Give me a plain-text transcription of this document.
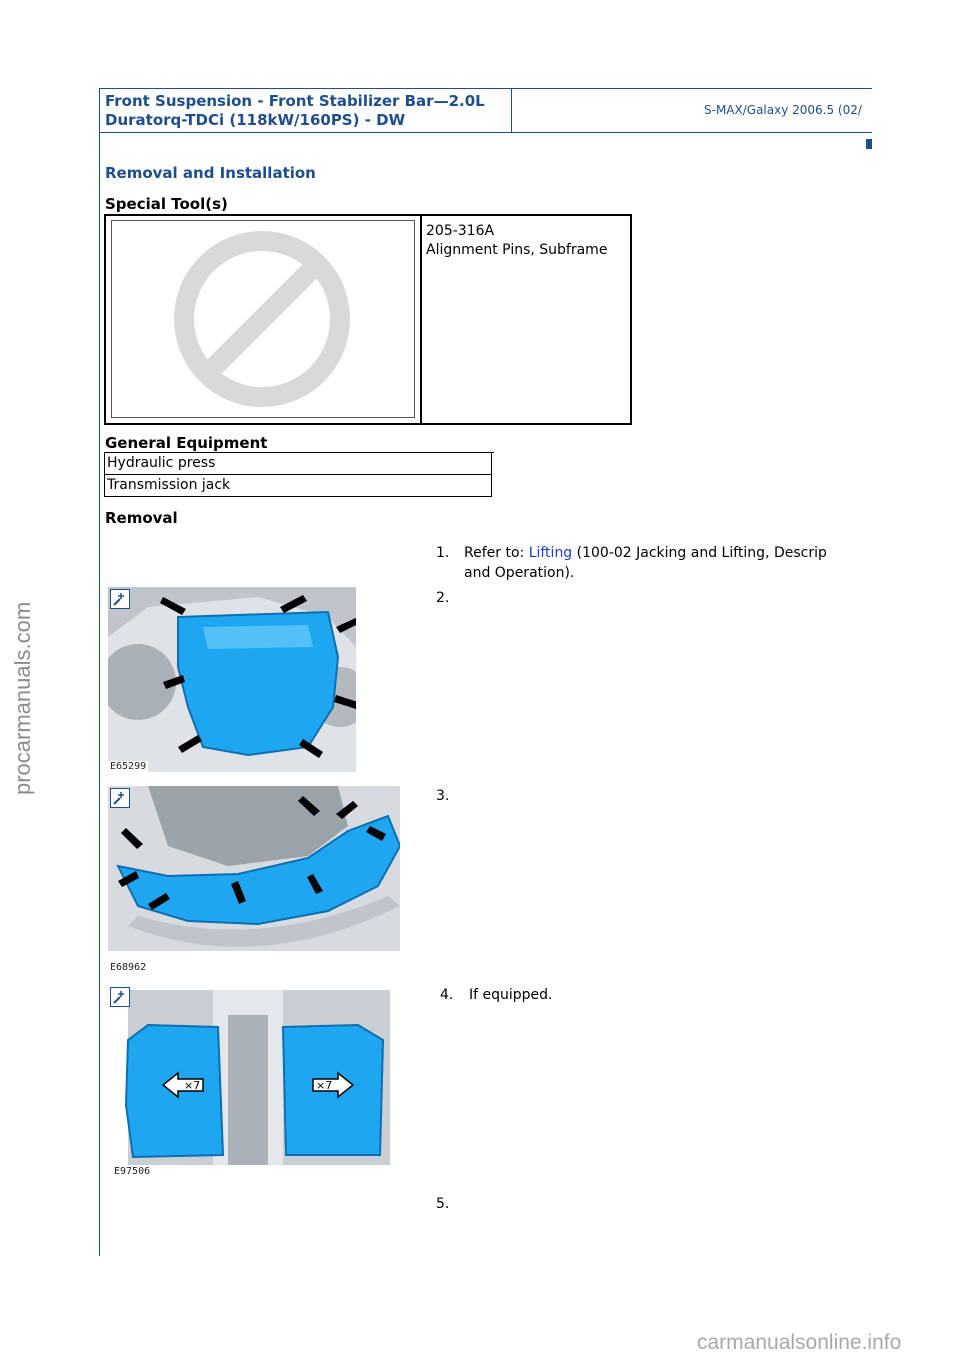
Front Suspension - Front Stabilizer Bar—2.0L Duratorq-TDCi (118kW/160PS) - DW
S-MAX/Galaxy 2006.5 (02/
Removal and Installation
Special Tool(s)
205-316A
Alignment Pins, Subframe
General Equipment
Hydraulic press
Transmission jack
Removal
1. Refer to: Lifting (100-02 Jacking and Lifting, Descrip
and Operation).
E65299
2.
E68962
3.
×7	×7
E97506
4. If equipped.
5.
procarmanuals.com
carmanualsonline.info
